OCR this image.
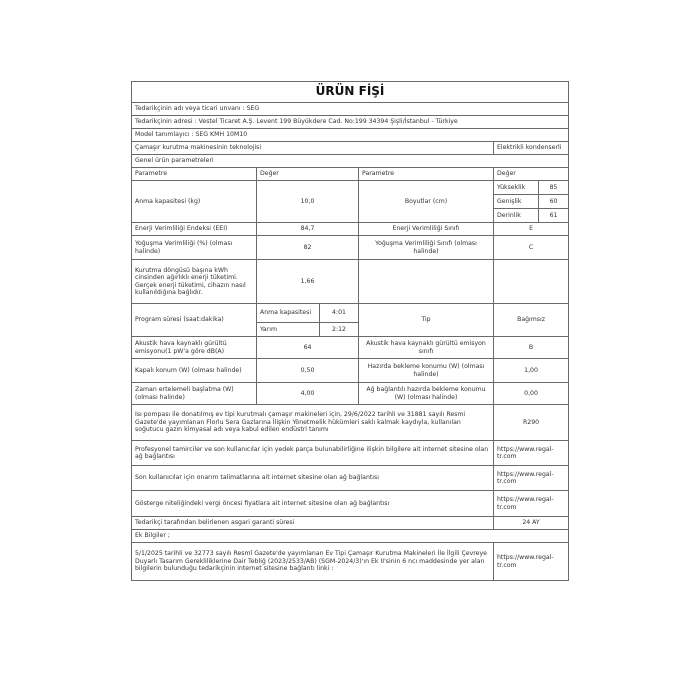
ÜRÜN FİŞİ					
Tedarikçinin adı veya ticari unvanı : SEG					
Tedarikçinin adresi : Vestel Ticaret A.Ş. Levent 199 Büyükdere Cad. No:199 34394 Şişli/İstanbul - Türkiye					
Model tanımlayıcı : SEG KMH 10M10					
Çamaşır kurutma makinesinin teknolojisi				Elektrikli kondenserli	
Genel ürün parametreleri					
Parametre	Değer		Parametre	Değer	
Anma kapasitesi (kg)	10,0		Boyutlar (cm)	Yükseklik	85
				Genişlik	60
				Derinlik	61
Enerji Verimliliği Endeksi (EEI)	84,7		Enerji Verimliliği Sınıfı	E	
Yoğuşma Verimliliği (%) (olması halinde)	82		Yoğuşma Verimliliği Sınıfı (olması halinde)	C	
Kurutma döngüsü başına kWh cinsinden ağırlıklı enerji tüketimi. Gerçek enerji tüketimi, cihazın nasıl kullanıldığına bağlıdır.	1,66				
Program süresi (saat:dakika)	Anma kapasitesi	4:01	Tip	Bağımsız	
	Yarım	2:12			
Akustik hava kaynaklı gürültü emisyonu(1 pW'a göre dB(A)	64		Akustik hava kaynaklı gürültü emisyon sınıfı	B	
Kapalı konum (W) (olması halinde)	0,50		Hazırda bekleme konumu (W) (olması halinde)	1,00	
Zaman ertelemeli başlatma (W) (olması halinde)	4,00		Ağ bağlantılı hazırda bekleme konumu (W) (olması halinde)	0,00	
Isı pompası ile donatılmış ev tipi kurutmalı çamaşır makineleri için, 29/6/2022 tarihli ve 31881 sayılı Resmi Gazete'de yayımlanan Florlu Sera Gazlarına İlişkin Yönetmelik hükümleri saklı kalmak kaydıyla, kullanılan soğutucu gazın kimyasal adı veya kabul edilen endüstri tanımı				R290	
Profesyonel tamirciler ve son kullanıcılar için yedek parça bulunabilirliğine ilişkin bilgilere ait internet sitesine olan ağ bağlantısı				https://www.regal-tr.com	
Son kullanıcılar için onarım talimatlarına ait internet sitesine olan ağ bağlantısı				https://www.regal-tr.com	
Gösterge niteliğindeki vergi öncesi fiyatlara ait internet sitesine olan ağ bağlantısı				https://www.regal-tr.com	
Tedarikçi tarafından belirlenen asgari garanti süresi				24 AY	
Ek Bilgiler ;					
5/1/2025 tarihli ve 32773 sayılı Resmî Gazete'de yayımlanan Ev Tipi Çamaşır Kurutma Makineleri İle İlgili Çevreye Duyarlı Tasarım Gerekliliklerine Dair Tebliğ (2023/2533/AB) (SGM-2024/3)'ın Ek II'sinin 6 ncı maddesinde yer alan bilgilerin bulunduğu tedarikçinin internet sitesine bağlantı linki :				https://www.regal-tr.com	
